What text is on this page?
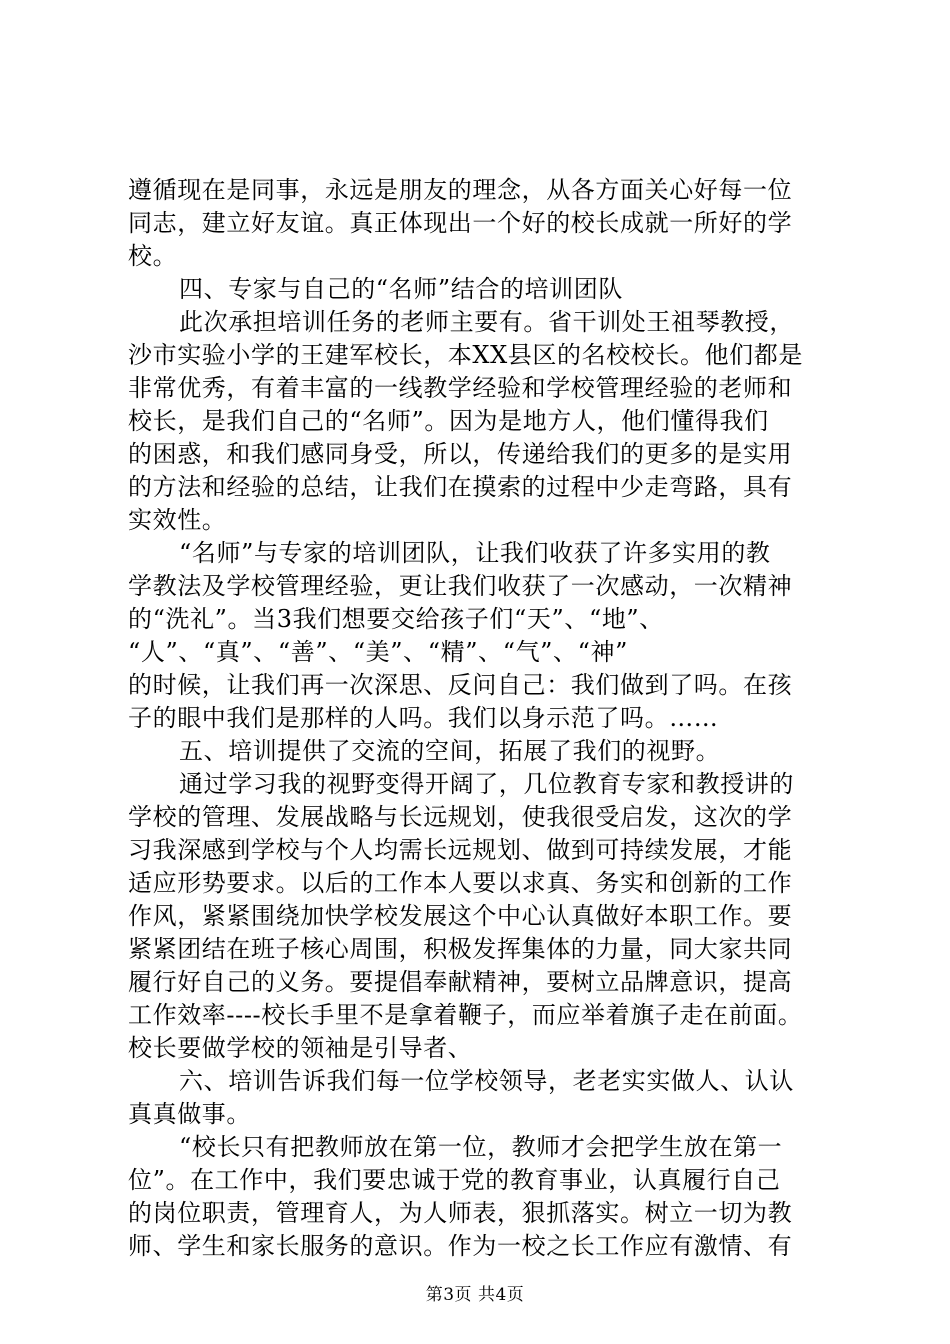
遵循现在是同事，永远是朋友的理念，从各方面关心好每一位
同志，建立好友谊。真正体现出一个好的校长成就一所好的学
校。
四、专家与自己的“名师”结合的培训团队
此次承担培训任务的老师主要有。省干训处王祖琴教授，
沙市实验小学的王建军校长，本XX县区的名校校长。他们都是
非常优秀，有着丰富的一线教学经验和学校管理经验的老师和
校长，是我们自己的“名师”。因为是地方人，他们懂得我们
的困惑，和我们感同身受，所以，传递给我们的更多的是实用
的方法和经验的总结，让我们在摸索的过程中少走弯路，具有
实效性。
“名师”与专家的培训团队，让我们收获了许多实用的教
学教法及学校管理经验，更让我们收获了一次感动，一次精神
的“洗礼”。当3我们想要交给孩子们“天”、“地”、
“人”、“真”、“善”、“美”、“精”、“气”、“神”
的时候，让我们再一次深思、反问自己：我们做到了吗。在孩
子的眼中我们是那样的人吗。我们以身示范了吗。……
五、培训提供了交流的空间，拓展了我们的视野。
通过学习我的视野变得开阔了，几位教育专家和教授讲的
学校的管理、发展战略与长远规划，使我很受启发，这次的学
习我深感到学校与个人均需长远规划、做到可持续发展，才能
适应形势要求。以后的工作本人要以求真、务实和创新的工作
作风，紧紧围绕加快学校发展这个中心认真做好本职工作。要
紧紧团结在班子核心周围，积极发挥集体的力量，同大家共同
履行好自己的义务。要提倡奉献精神，要树立品牌意识，提高
工作效率----校长手里不是拿着鞭子，而应举着旗子走在前面。
校长要做学校的领袖是引导者、
六、培训告诉我们每一位学校领导，老老实实做人、认认
真真做事。
“校长只有把教师放在第一位，教师才会把学生放在第一
位”。在工作中，我们要忠诚于党的教育事业，认真履行自己
的岗位职责，管理育人，为人师表，狠抓落实。树立一切为教
师、学生和家长服务的意识。作为一校之长工作应有激情、有
第3页 共4页
